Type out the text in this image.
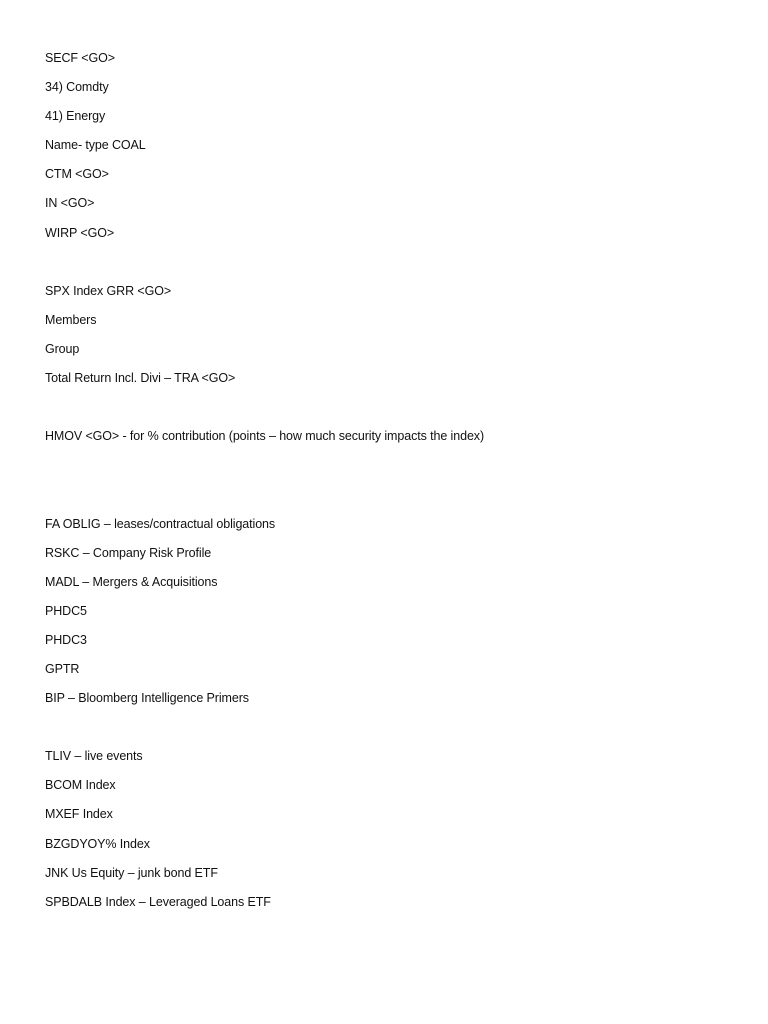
SECF <GO>
34) Comdty
41) Energy
Name- type COAL
CTM <GO>
IN <GO>
WIRP <GO>
SPX Index GRR <GO>
Members
Group
Total Return Incl. Divi – TRA <GO>
HMOV <GO> - for % contribution (points – how much security impacts the index)
FA OBLIG – leases/contractual obligations
RSKC – Company Risk Profile
MADL – Mergers & Acquisitions
PHDC5
PHDC3
GPTR
BIP – Bloomberg Intelligence Primers
TLIV – live events
BCOM Index
MXEF Index
BZGDYOY% Index
JNK Us Equity – junk bond ETF
SPBDALB Index – Leveraged Loans ETF
